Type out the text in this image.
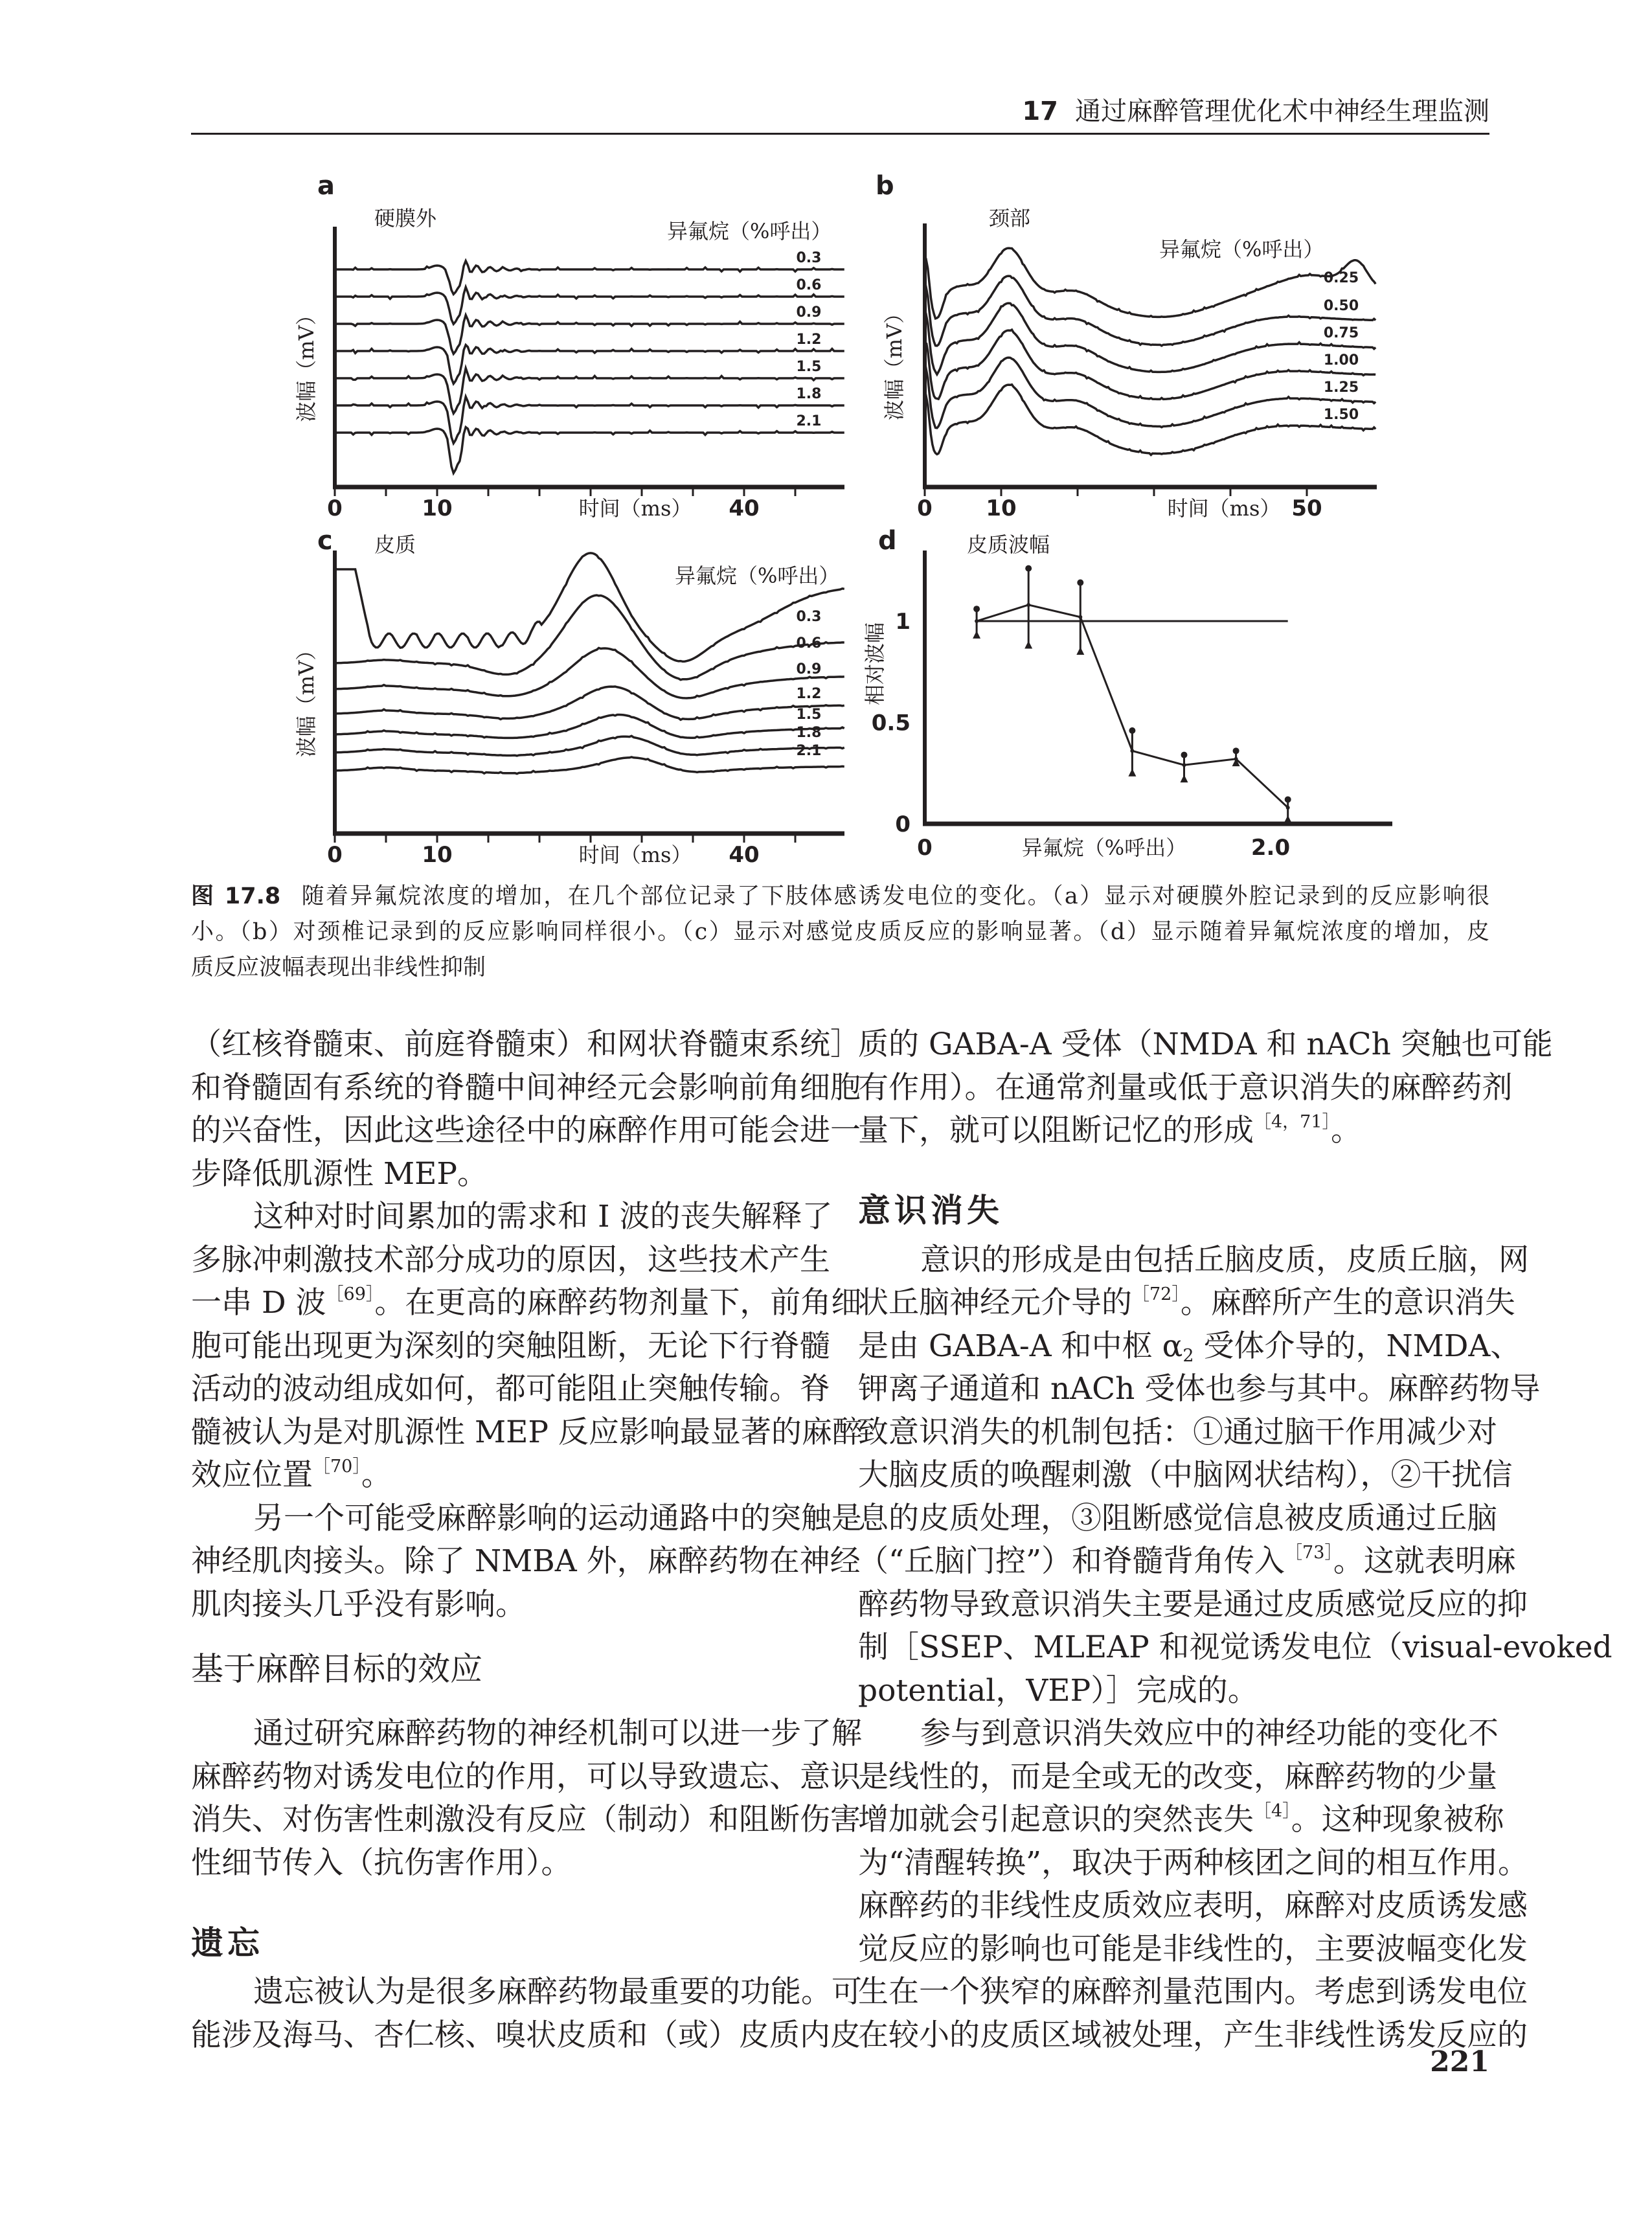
17 通过麻醉管理优化术中神经生理监测
a
硬膜外
异氟烷（%呼出）
0	10	40
时间（ms）
波幅（mV）
0.3
0.6
0.9
1.2
1.5
1.8
2.1
b
颈部
异氟烷（%呼出）
0 10	50
时间（ms）
波幅（mV）
0.25
0.50
0.75
1.00
1.25
1.50
c 皮质
异氟烷（%呼出）
0	10	40
时间（ms）
波幅（mV）
0.3
0.6
0.9
1.2
1.5
1.8
2.1
d	皮质波幅
0	2.0
1
0.5
0
异氟烷（%呼出）
相对波幅
图 17.8 随着异氟烷浓度的增加，在几个部位记录了下肢体感诱发电位的变化。（a）显示对硬膜外腔记录到的反应影响很
小。（b）对颈椎记录到的反应影响同样很小。（c）显示对感觉皮质反应的影响显著。（d）显示随着异氟烷浓度的增加，皮
质反应波幅表现出非线性抑制
（红核脊髓束、前庭脊髓束）和网状脊髓束系统］
和脊髓固有系统的脊髓中间神经元会影响前角细胞
的兴奋性，因此这些途径中的麻醉作用可能会进一
步降低肌源性 MEP。
这种对时间累加的需求和 I 波的丧失解释了
多脉冲刺激技术部分成功的原因，这些技术产生
一串 D 波$^{[69]}$。在更高的麻醉药物剂量下，前角细
胞可能出现更为深刻的突触阻断，无论下行脊髓
活动的波动组成如何，都可能阻止突触传输。脊
髓被认为是对肌源性 MEP 反应影响最显著的麻醉
效应位置$^{[70]}$。
另一个可能受麻醉影响的运动通路中的突触是
神经肌肉接头。除了 NMBA 外，麻醉药物在神经
肌肉接头几乎没有影响。
基于麻醉目标的效应
通过研究麻醉药物的神经机制可以进一步了解
麻醉药物对诱发电位的作用，可以导致遗忘、意识
消失、对伤害性刺激没有反应（制动）和阻断伤害
性细节传入（抗伤害作用）。
遗忘
遗忘被认为是很多麻醉药物最重要的功能。可
能涉及海马、杏仁核、嗅状皮质和（或）皮质内皮
质的 GABA-A 受体（NMDA 和 nACh 突触也可能
有作用）。在通常剂量或低于意识消失的麻醉药剂
量下，就可以阻断记忆的形成$^{[4,71]}$。
意识消失
意识的形成是由包括丘脑皮质，皮质丘脑，网
状丘脑神经元介导的$^{[72]}$。麻醉所产生的意识消失
是由 GABA-A 和中枢 $\alpha_2$ 受体介导的，NMDA、
钾离子通道和 nACh 受体也参与其中。麻醉药物导
致意识消失的机制包括：①通过脑干作用减少对
大脑皮质的唤醒刺激（中脑网状结构），②干扰信
息的皮质处理，③阻断感觉信息被皮质通过丘脑
（“丘脑门控”）和脊髓背角传入$^{[73]}$。这就表明麻
醉药物导致意识消失主要是通过皮质感觉反应的抑
制［SSEP、MLEAP 和视觉诱发电位（visual-evoked
potential，VEP）］完成的。
参与到意识消失效应中的神经功能的变化不
是线性的，而是全或无的改变，麻醉药物的少量
增加就会引起意识的突然丧失$^{[4]}$。这种现象被称
为“清醒转换”，取决于两种核团之间的相互作用。
麻醉药的非线性皮质效应表明，麻醉对皮质诱发感
觉反应的影响也可能是非线性的，主要波幅变化发
生在一个狭窄的麻醉剂量范围内。考虑到诱发电位
在较小的皮质区域被处理，产生非线性诱发反应的
221
